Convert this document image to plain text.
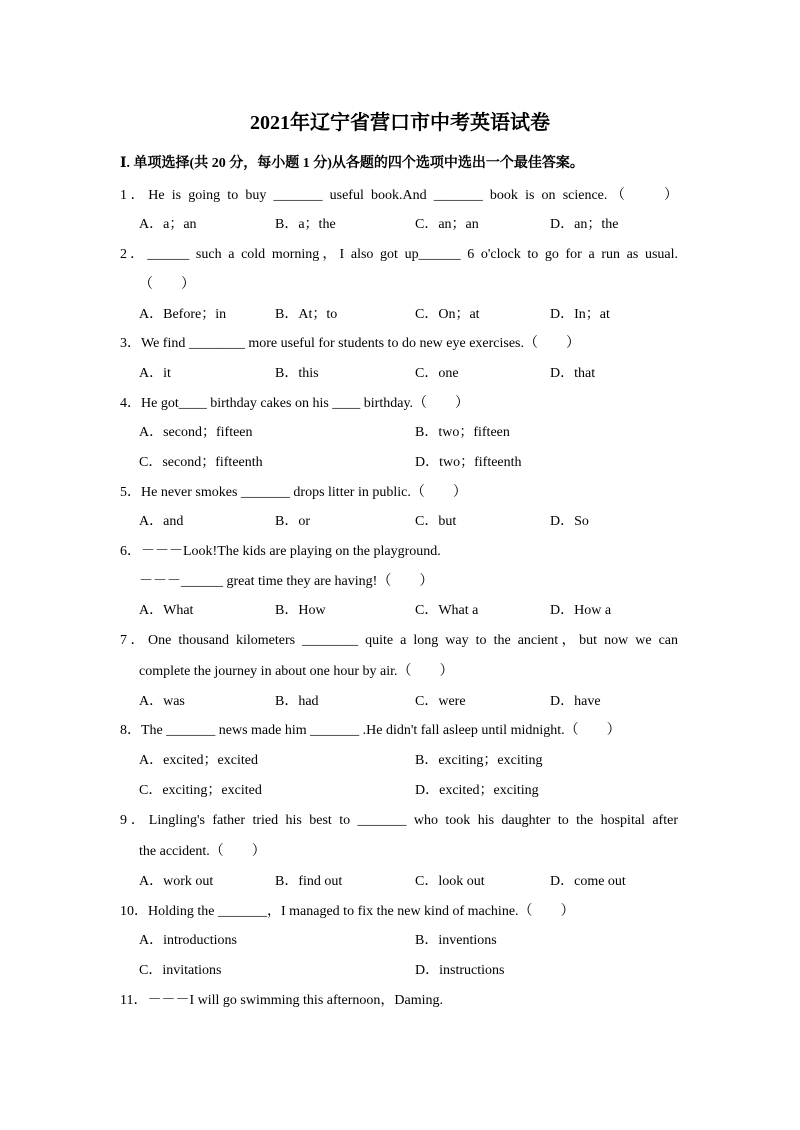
2021年辽宁省营口市中考英语试卷
Ⅰ. 单项选择(共 20 分，每小题 1 分)从各题的四个选项中选出一个最佳答案。
1．He is going to buy _______ useful book.And _______ book is on science.（　　）
A．a；an	B．a；the	C．an；an	D．an；the
2．______ such a cold morning，I also got up______ 6 o'clock to go for a run as usual.
（　　）
A．Before；in	B．At；to	C．On；at	D．In；at
3．We find ________ more useful for students to do new eye exercises.（　　）
A．it	B．this	C．one	D．that
4．He got____ birthday cakes on his ____ birthday.（　　）
A．second；fifteen	B．two；fifteen
C．second；fifteenth	D．two；fifteenth
5．He never smokes _______ drops litter in public.（　　）
A．and	B．or	C．but	D．So
6．－－－Look!The kids are playing on the playground.
－－－______ great time they are having!（　　）
A．What	B．How	C．What a	D．How a
7．One thousand kilometers ________ quite a long way to the ancient，but now we can
complete the journey in about one hour by air.（　　）
A．was	B．had	C．were	D．have
8．The _______ news made him _______ .He didn't fall asleep until midnight.（　　）
A．excited；excited	B．exciting；exciting
C．exciting；excited	D．excited；exciting
9．Lingling's father tried his best to _______ who took his daughter to the hospital after
the accident.（　　）
A．work out	B．find out	C．look out	D．come out
10．Holding the _______，I managed to fix the new kind of machine.（　　）
A．introductions	B．inventions
C．invitations	D．instructions
11．－－－I will go swimming this afternoon，Daming.
